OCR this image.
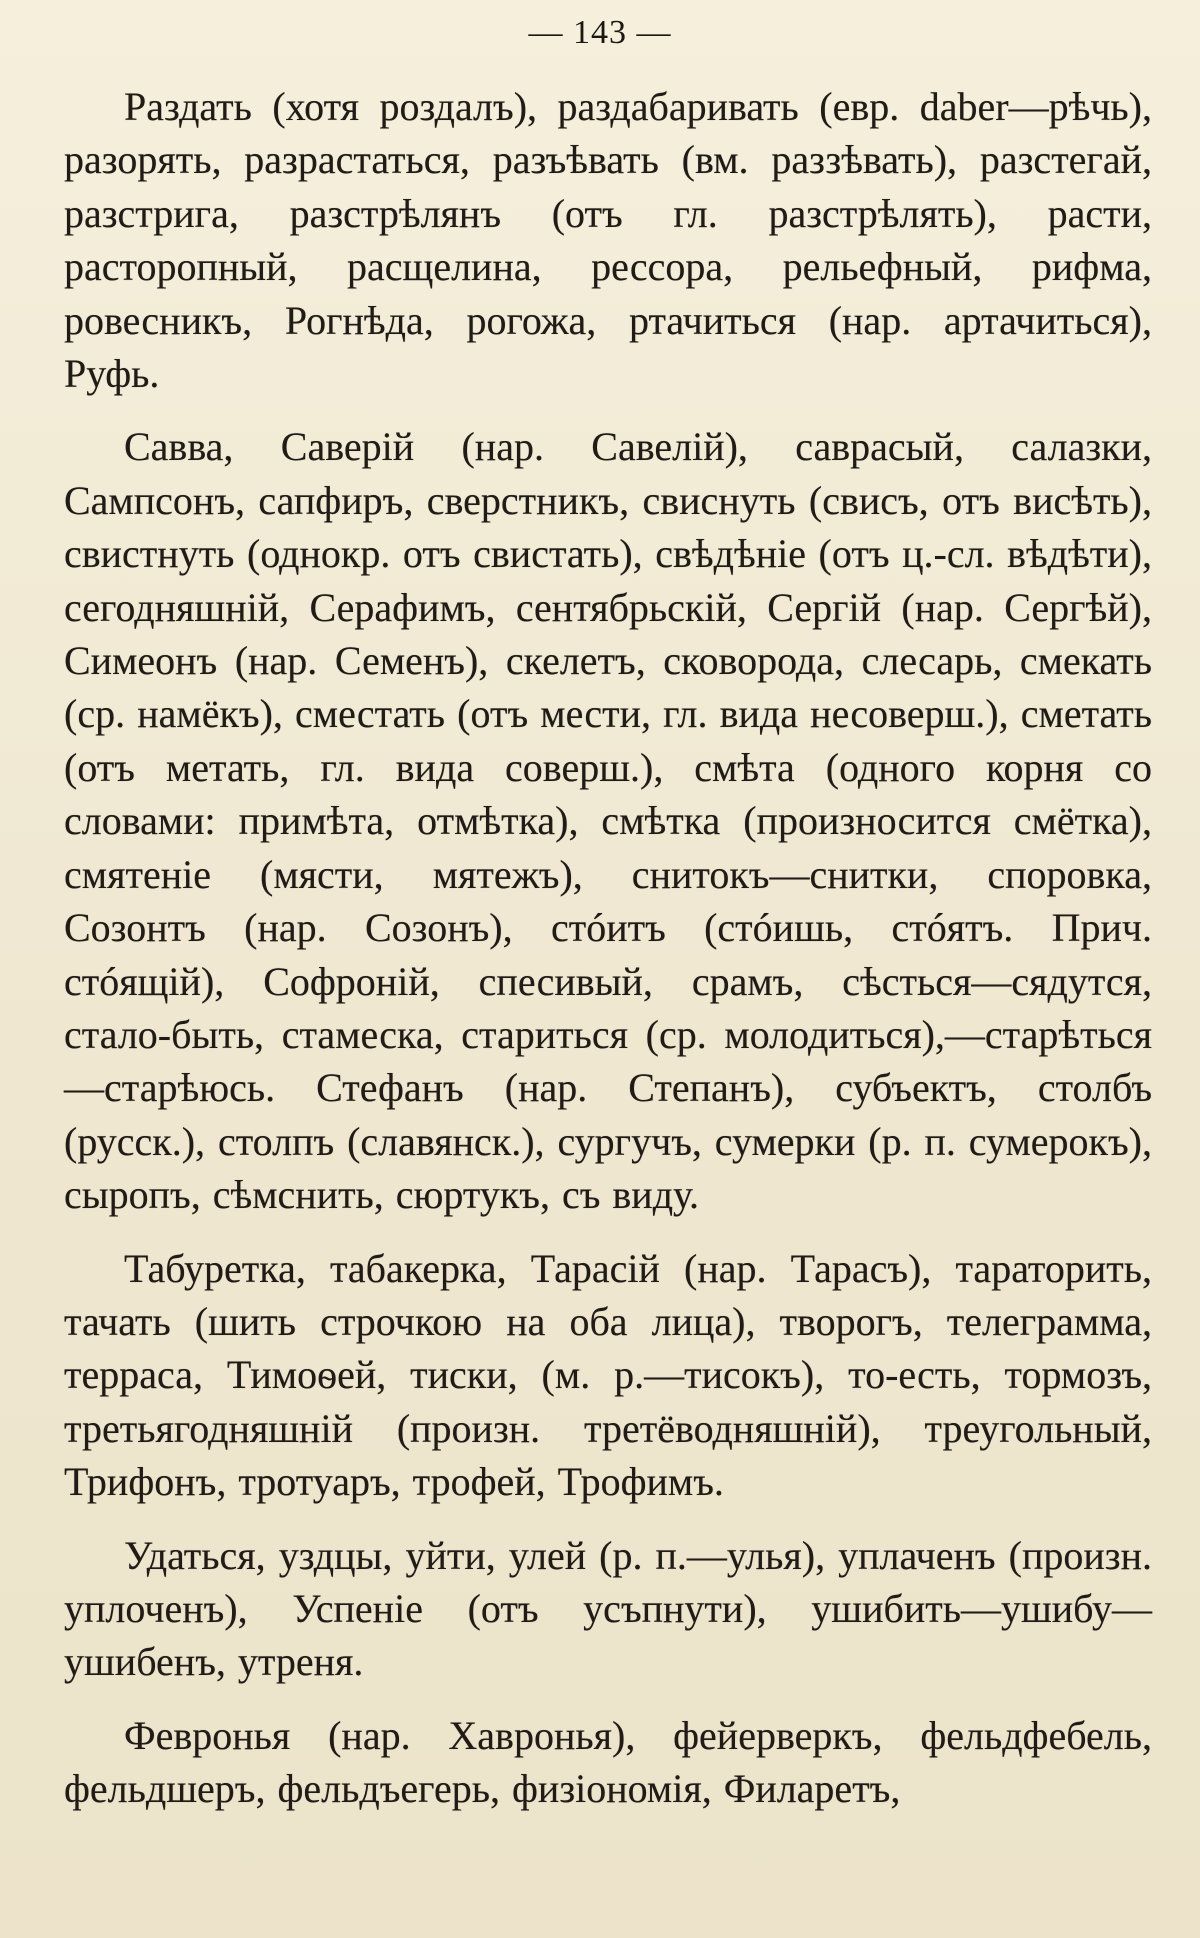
— 143 —

Раздать (хотя роздалъ), раздабаривать (евр. daber—рѣчь), разорять, разрастаться, разъѣвать (вм. раззѣвать), разстегай, разстрига, разстрѣлянъ (отъ гл. разстрѣлять), расти, расторопный, расщелина, рессора, рельефный, рифма, ровесникъ, Рогнѣда, рогожа, ртачиться (нар. артачиться), Руфь.

Савва, Саверій (нар. Савелій), саврасый, салазки, Сампсонъ, сапфиръ, сверстникъ, свиснуть (свисъ, отъ висѣть), свистнуть (однокр. отъ свистать), свѣдѣніе (отъ ц.-сл. вѣдѣти), сегодняшній, Серафимъ, сентябрьскій, Сергій (нар. Сергѣй), Симеонъ (нар. Семенъ), скелетъ, сковорода, слесарь, смекать (ср. намёкъ), сместать (отъ мести, гл. вида несоверш.), сметать (отъ метать, гл. вида соверш.), смѣта (одного корня со словами: примѣта, отмѣтка), смѣтка (произносится смётка), смятеніе (мясти, мятежъ), снитокъ—снитки, споровка, Созонтъ (нар. Созонъ), стóитъ (стóишь, стóятъ. Прич. стóящій), Софроній, спесивый, срамъ, сѣсться—сядутся, стало-быть, стамеска, стариться (ср. молодиться),—старѣться—старѣюсь. Стефанъ (нар. Степанъ), субъектъ, столбъ (русск.), столпъ (славянск.), сургучъ, сумерки (р. п. сумерокъ), сыропъ, сѣмснить, сюртукъ, съ виду.

Табуретка, табакерка, Тарасій (нар. Тарасъ), тараторить, тачать (шить строчкою на оба лица), творогъ, телеграмма, терраса, Тимоѳей, тиски, (м. р.—тисокъ), то-есть, тормозъ, третьягодняшній (произн. третёводняшній), треугольный, Трифонъ, тротуаръ, трофей, Трофимъ.

Удаться, уздцы, уйти, улей (р. п.—улья), уплаченъ (произн. уплоченъ), Успеніе (отъ усъпнути), ушибить—ушибу—ушибенъ, утреня.

Февронья (нар. Хавронья), фейерверкъ, фельдфебель, фельдшеръ, фельдъегерь, физіономія, Филаретъ,
